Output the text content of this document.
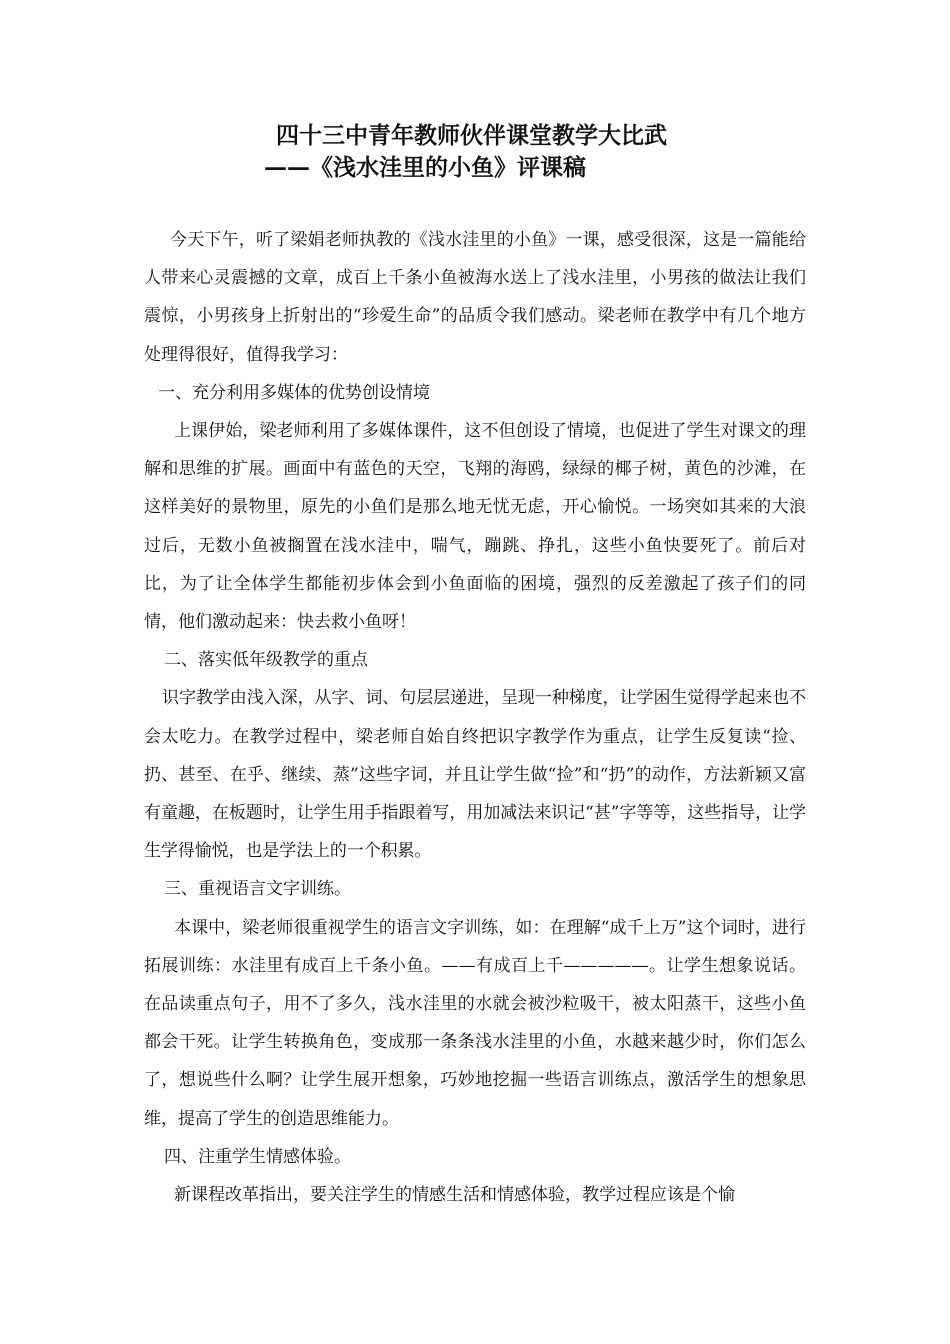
四十三中青年教师伙伴课堂教学大比武
——《浅水洼里的小鱼》评课稿

今天下午，听了梁娟老师执教的《浅水洼里的小鱼》一课，感受很深，这是一篇能给人带来心灵震撼的文章，成百上千条小鱼被海水送上了浅水洼里，小男孩的做法让我们震惊，小男孩身上折射出的“珍爱生命”的品质令我们感动。梁老师在教学中有几个地方处理得很好，值得我学习：

一、充分利用多媒体的优势创设情境

上课伊始，梁老师利用了多媒体课件，这不但创设了情境，也促进了学生对课文的理解和思维的扩展。画面中有蓝色的天空，飞翔的海鸥，绿绿的椰子树，黄色的沙滩，在这样美好的景物里，原先的小鱼们是那么地无忧无虑，开心愉悦。一场突如其来的大浪过后，无数小鱼被搁置在浅水洼中，喘气，蹦跳、挣扎，这些小鱼快要死了。前后对比，为了让全体学生都能初步体会到小鱼面临的困境，强烈的反差激起了孩子们的同情，他们激动起来：快去救小鱼呀！

二、落实低年级教学的重点

识字教学由浅入深，从字、词、句层层递进，呈现一种梯度，让学困生觉得学起来也不会太吃力。在教学过程中，梁老师自始自终把识字教学作为重点，让学生反复读“捡、扔、甚至、在乎、继续、蒸”这些字词，并且让学生做“捡”和“扔”的动作，方法新颖又富有童趣，在板题时，让学生用手指跟着写，用加减法来识记“甚”字等等，这些指导，让学生学得愉悦，也是学法上的一个积累。

三、重视语言文字训练。

本课中，梁老师很重视学生的语言文字训练，如：在理解“成千上万”这个词时，进行拓展训练：水洼里有成百上千条小鱼。——有成百上千—————。让学生想象说话。在品读重点句子，用不了多久，浅水洼里的水就会被沙粒吸干，被太阳蒸干，这些小鱼都会干死。让学生转换角色，变成那一条条浅水洼里的小鱼，水越来越少时，你们怎么了，想说些什么啊？让学生展开想象，巧妙地挖掘一些语言训练点，激活学生的想象思维，提高了学生的创造思维能力。

四、注重学生情感体验。

新课程改革指出，要关注学生的情感生活和情感体验，教学过程应该是个愉
